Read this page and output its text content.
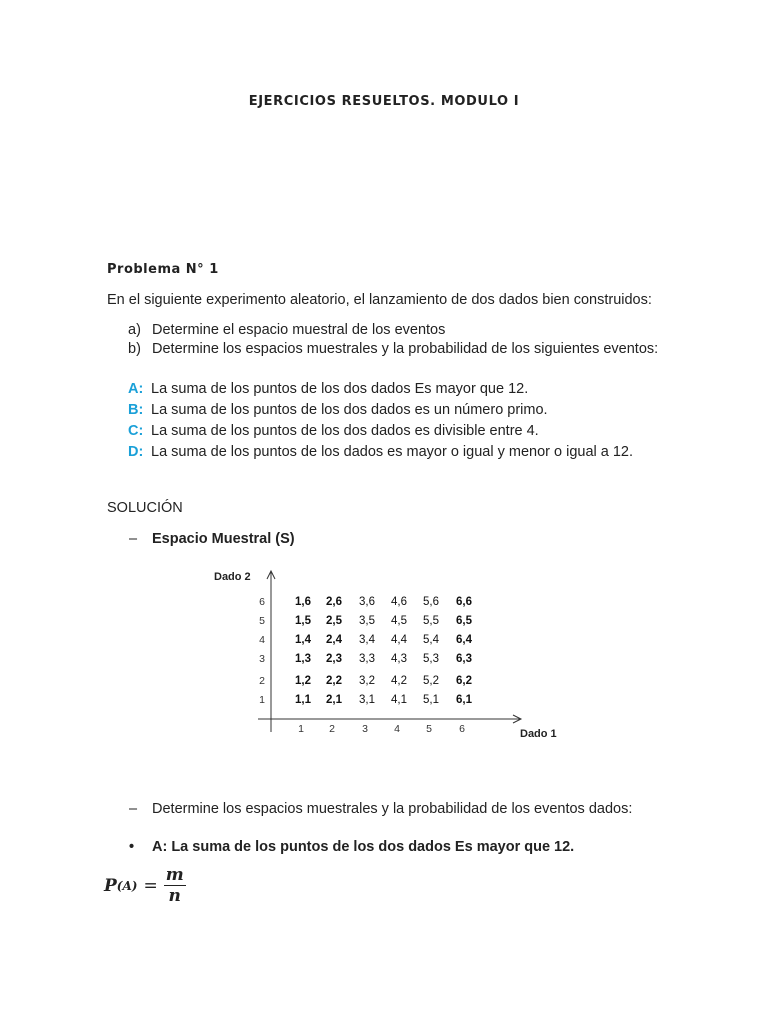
EJERCICIOS RESUELTOS. MODULO I
Problema N° 1
En el siguiente experimento aleatorio, el lanzamiento de dos dados bien construidos:
a) Determine el espacio muestral de los eventos
b) Determine los espacios muestrales y la probabilidad de los siguientes eventos:
A: La suma de los puntos de los dos dados Es mayor que 12.
B: La suma de los puntos de los dos dados es un número primo.
C: La suma de los puntos de los dos dados es divisible entre 4.
D: La suma de los puntos de los dados es mayor o igual y menor o igual a 12.
SOLUCIÓN
–	Espacio Muestral (S)
Dado 2
Dado 1
6
5
4
3
2
1
1 2	3 4 5	6
1,6 2,6 3,6 4,6 5,6 6,6
1,5 2,5 3,5 4,5 5,5 6,5
1,4 2,4 3,4 4,4 5,4 6,4
1,3 2,3 3,3 4,3 5,3 6,3
1,2 2,2 3,2 4,2 5,2 6,2
1,1 2,1 3,1 4,1 5,1 6,1
–	Determine los espacios muestrales y la probabilidad de los eventos dados:
•	A: La suma de los puntos de los dos dados Es mayor que 12.
P $(A) = \frac{m}{n}$
